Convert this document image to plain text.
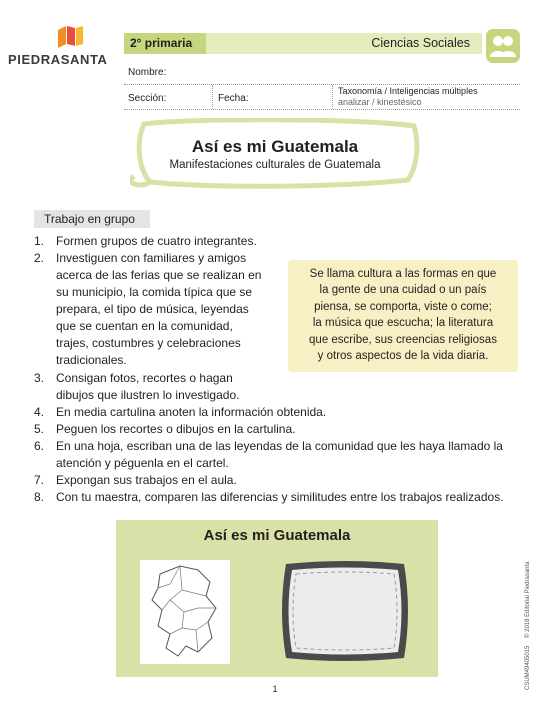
PIEDRASANTA
2° primaria	Ciencias Sociales
Nombre:
Sección:	Fecha:
Taxonomía / Inteligencias múltiples
analizar / kinestésico
Así es mi Guatemala
Manifestaciones culturales de Guatemala
Trabajo en grupo
1. Formen grupos de cuatro integrantes.
2. Investiguen con familiares y amigos
acerca de las ferias que se realizan en
su municipio, la comida típica que se
prepara, el tipo de música, leyendas
que se cuentan en la comunidad,
trajes, costumbres y celebraciones
tradicionales.
3. Consigan fotos, recortes o hagan
dibujos que ilustren lo investigado.
4. En media cartulina anoten la información obtenida.
5. Peguen los recortes o dibujos en la cartulina.
6. En una hoja, escriban una de las leyendas de la comunidad que les haya llamado la
atención y péguenla en el cartel.
7. Expongan sus trabajos en el aula.
8. Con tu maestra, comparen las diferencias y similitudes entre los trabajos realizados.
Se llama cultura a las formas en que
la gente de una cuidad o un país
piensa, se comporta, viste o come;
la música que escucha; la literatura
que escribe, sus creencias religiosas
y otros aspectos de la vida diaria.
Así es mi Guatemala
CSUM49405015 © 2018 Editorial Piedrasanta
1
